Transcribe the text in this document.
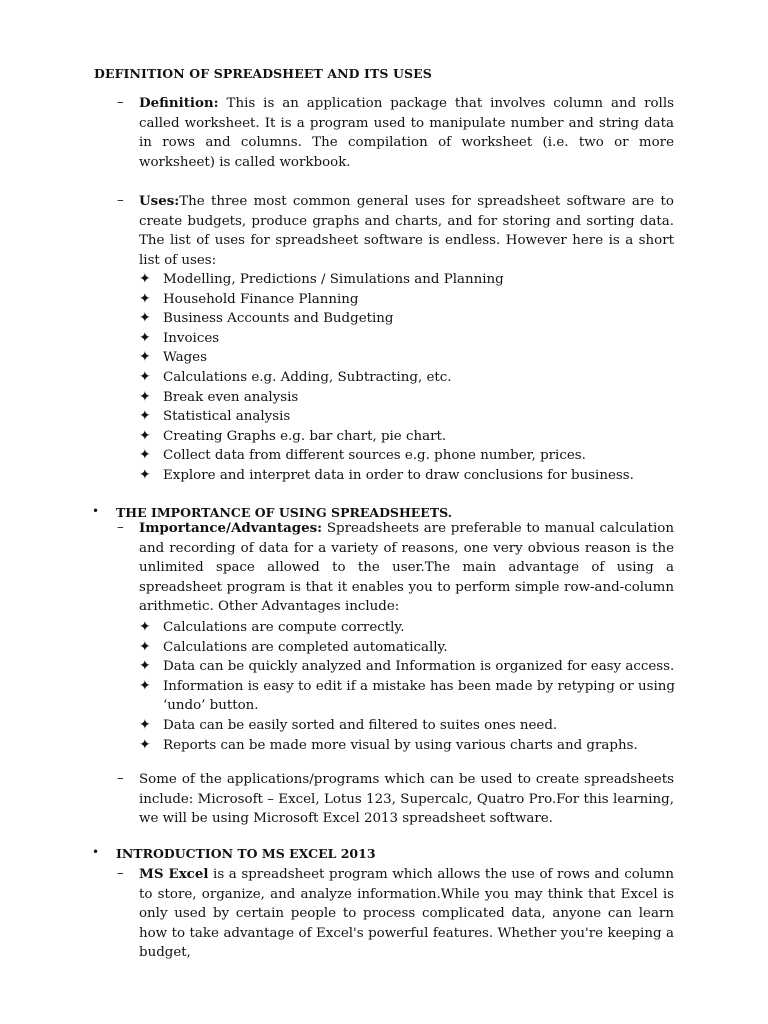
DEFINITION OF SPREADSHEET AND ITS USES
– Definition: This is an application package that involves column and rolls called worksheet. It is a program used to manipulate number and string data in rows and columns. The compilation of worksheet (i.e. two or more worksheet) is called workbook.
– Uses:The three most common general uses for spreadsheet software are to create budgets, produce graphs and charts, and for storing and sorting data. The list of uses for spreadsheet software is endless. However here is a short list of uses:
✦ Modelling, Predictions / Simulations and Planning
✦ Household Finance Planning
✦ Business Accounts and Budgeting
✦ Invoices
✦ Wages
✦ Calculations e.g. Adding, Subtracting, etc.
✦ Break even analysis
✦ Statistical analysis
✦ Creating Graphs e.g. bar chart, pie chart.
✦ Collect data from different sources e.g. phone number, prices.
✦ Explore and interpret data in order to draw conclusions for business.
• THE IMPORTANCE OF USING SPREADSHEETS.
– Importance/Advantages: Spreadsheets are preferable to manual calculation and recording of data for a variety of reasons, one very obvious reason is the unlimited space allowed to the user.The main advantage of using a spreadsheet program is that it enables you to perform simple row-and-column arithmetic. Other Advantages include:
✦ Calculations are compute correctly.
✦ Calculations are completed automatically.
✦ Data can be quickly analyzed and Information is organized for easy access.
✦ Information is easy to edit if a mistake has been made by retyping or using ‘undo’ button.
✦ Data can be easily sorted and filtered to suites ones need.
✦ Reports can be made more visual by using various charts and graphs.
– Some of the applications/programs which can be used to create spreadsheets include: Microsoft – Excel, Lotus 123, Supercalc, Quatro Pro.For this learning, we will be using Microsoft Excel 2013 spreadsheet software.
• INTRODUCTION TO MS EXCEL 2013
– MS Excel is a spreadsheet program which allows the use of rows and column to store, organize, and analyze information.While you may think that Excel is only used by certain people to process complicated data, anyone can learn how to take advantage of Excel's powerful features. Whether you're keeping a budget,
